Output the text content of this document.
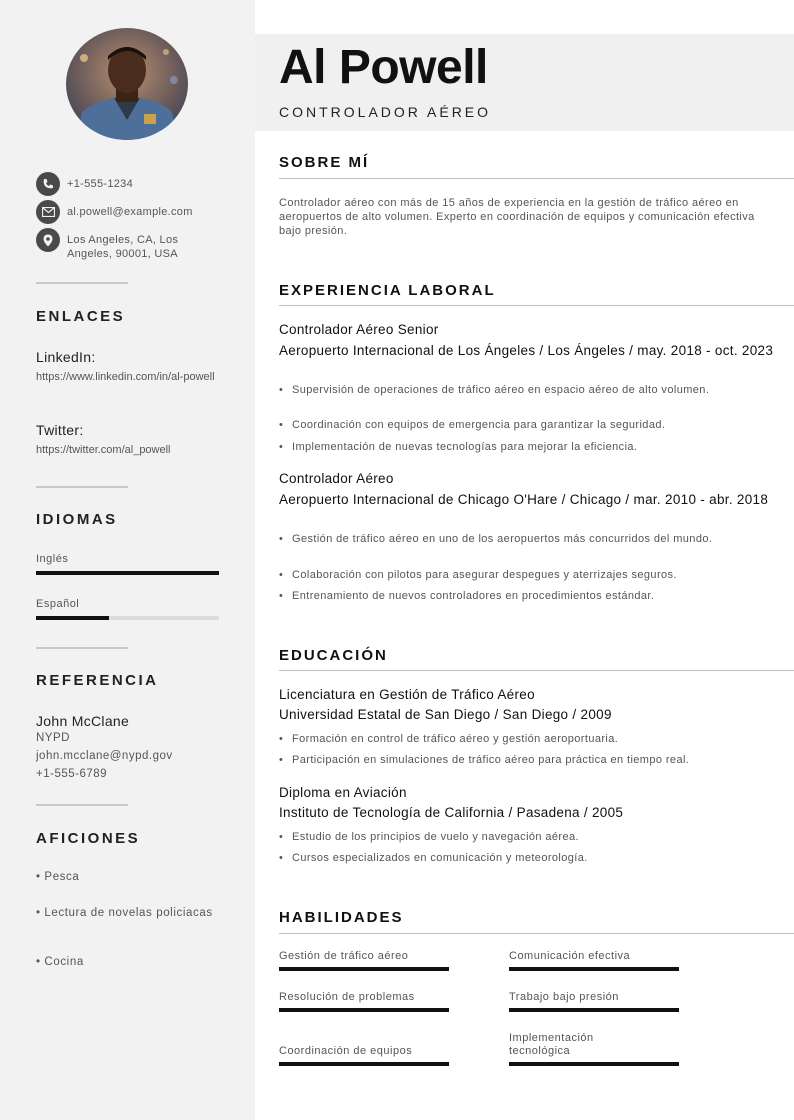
+1-555-1234
al.powell@example.com
Los Angeles, CA, Los Angeles, 90001, USA
ENLACES
LinkedIn:
https://www.linkedin.com/in/al-powell
Twitter:
https://twitter.com/al_powell
IDIOMAS
Inglés
Español
REFERENCIA
John McClane
NYPD
john.mcclane@nypd.gov
+1-555-6789
AFICIONES
• Pesca
• Lectura de novelas policiacas
• Cocina
Al Powell
CONTROLADOR AÉREO
SOBRE MÍ
Controlador aéreo con más de 15 años de experiencia en la gestión de tráfico aéreo en aeropuertos de alto volumen. Experto en coordinación de equipos y comunicación efectiva bajo presión.
EXPERIENCIA LABORAL
Controlador Aéreo Senior
Aeropuerto Internacional de Los Ángeles / Los Ángeles / may. 2018 - oct. 2023
• Supervisión de operaciones de tráfico aéreo en espacio aéreo de alto volumen.
• Coordinación con equipos de emergencia para garantizar la seguridad.
• Implementación de nuevas tecnologías para mejorar la eficiencia.
Controlador Aéreo
Aeropuerto Internacional de Chicago O'Hare / Chicago / mar. 2010 - abr. 2018
• Gestión de tráfico aéreo en uno de los aeropuertos más concurridos del mundo.
• Colaboración con pilotos para asegurar despegues y aterrizajes seguros.
• Entrenamiento de nuevos controladores en procedimientos estándar.
EDUCACIÓN
Licenciatura en Gestión de Tráfico Aéreo
Universidad Estatal de San Diego / San Diego / 2009
• Formación en control de tráfico aéreo y gestión aeroportuaria.
• Participación en simulaciones de tráfico aéreo para práctica en tiempo real.
Diploma en Aviación
Instituto de Tecnología de California / Pasadena / 2005
• Estudio de los principios de vuelo y navegación aérea.
• Cursos especializados en comunicación y meteorología.
HABILIDADES
Gestión de tráfico aéreo	Comunicación efectiva
Resolución de problemas	Trabajo bajo presión
Coordinación de equipos
Implementación tecnológica
